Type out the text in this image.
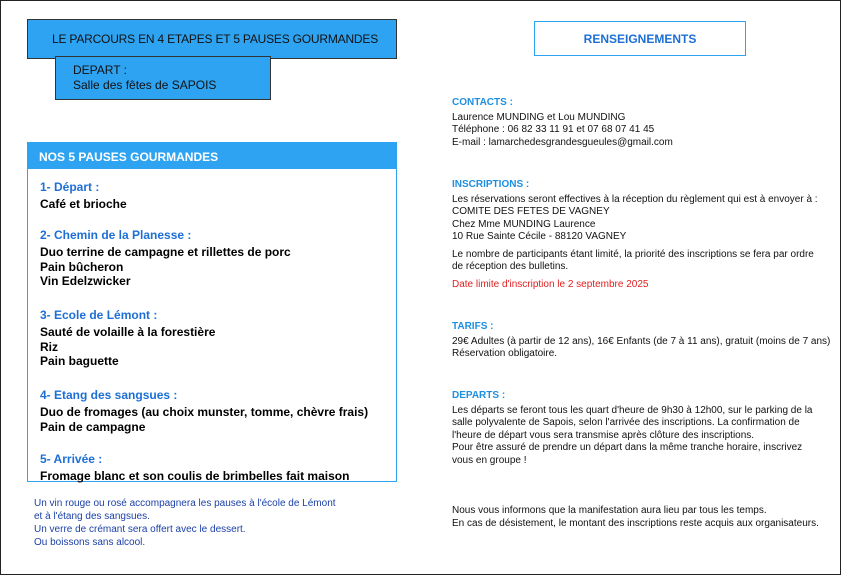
LE PARCOURS EN 4 ETAPES ET 5 PAUSES GOURMANDES
DEPART :
Salle des fêtes de SAPOIS
NOS 5 PAUSES GOURMANDES
1- Départ :
Café et brioche
2- Chemin de la Planesse :
Duo terrine de campagne et rillettes de porc
Pain bûcheron
Vin Edelzwicker
3- Ecole de Lémont :
Sauté de volaille à la forestière
Riz
Pain baguette
4- Etang des sangsues :
Duo de fromages (au choix munster, tomme, chèvre frais)
Pain de campagne
5- Arrivée :
Fromage blanc et son coulis de brimbelles fait maison
Un vin rouge ou rosé accompagnera les pauses à l'école de Lémont
et à l'étang des sangsues.
Un verre de crémant sera offert avec le dessert.
Ou boissons sans alcool.
RENSEIGNEMENTS
CONTACTS :
Laurence MUNDING et Lou MUNDING
Téléphone : 06 82 33 11 91 et 07 68 07 41 45
E-mail : lamarchedesgrandesgueules@gmail.com
INSCRIPTIONS :
Les réservations seront effectives à la réception du règlement qui est à envoyer à :
COMITE DES FETES DE VAGNEY
Chez Mme MUNDING Laurence
10 Rue Sainte Cécile - 88120 VAGNEY
Le nombre de participants étant limité, la priorité des inscriptions se fera par ordre
de réception des bulletins.
Date limite d'inscription le 2 septembre 2025
TARIFS :
29€ Adultes (à partir de 12 ans), 16€ Enfants (de 7 à 11 ans), gratuit (moins de 7 ans)
Réservation obligatoire.
DEPARTS :
Les départs se feront tous les quart d'heure de 9h30 à 12h00, sur le parking de la
salle polyvalente de Sapois, selon l'arrivée des inscriptions. La confirmation de
l'heure de départ vous sera transmise après clôture des inscriptions.
Pour être assuré de prendre un départ dans la même tranche horaire, inscrivez
vous en groupe !
Nous vous informons que la manifestation aura lieu par tous les temps.
En cas de désistement, le montant des inscriptions reste acquis aux organisateurs.
